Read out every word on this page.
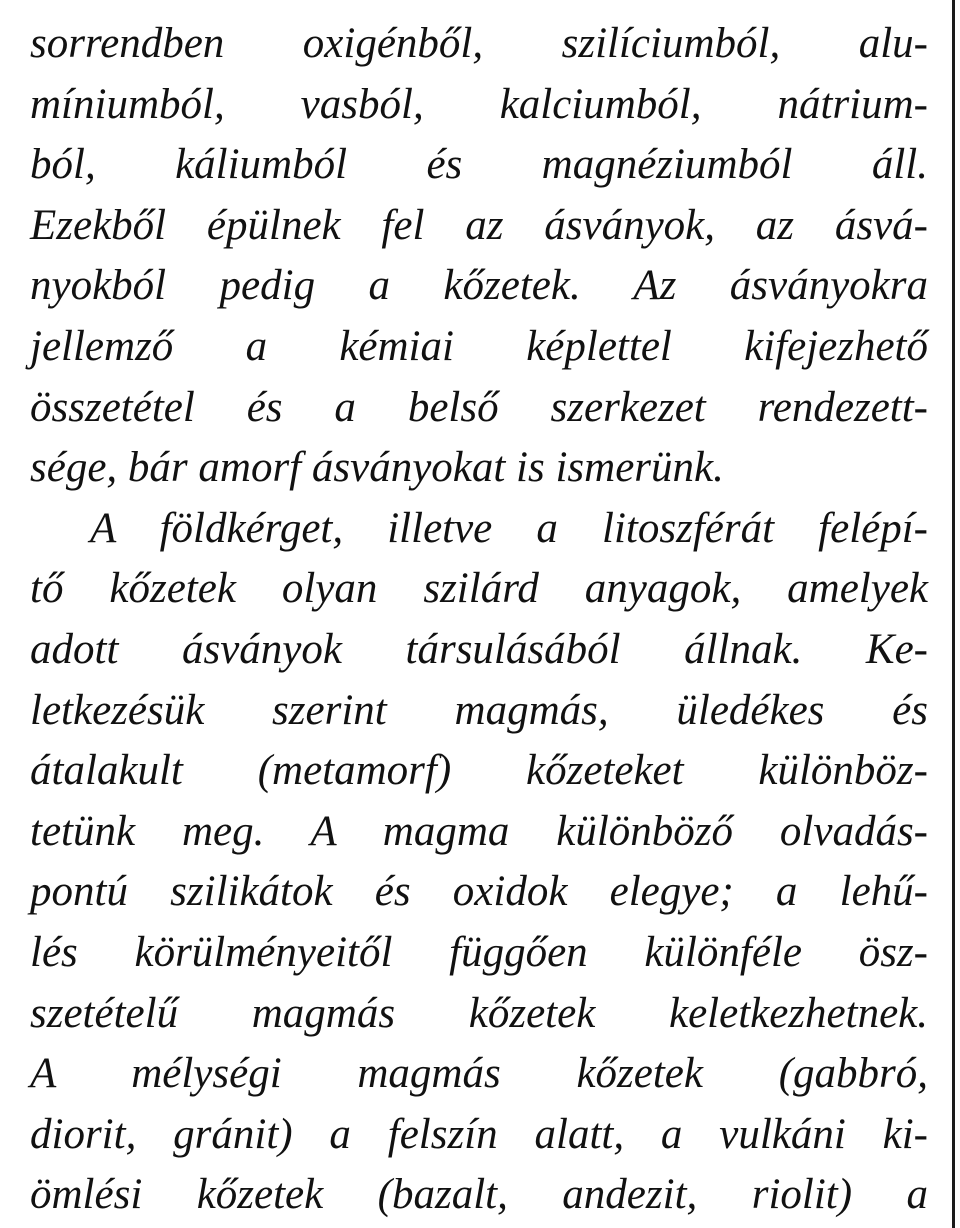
sorrendben oxigénből, szilíciumból, alu-
míniumból, vasból, kalciumból, nátrium-
ból, káliumból és magnéziumból áll.
Ezekből épülnek fel az ásványok, az ásvá-
nyokból pedig a kőzetek. Az ásványokra
jellemző a kémiai képlettel kifejezhető
összetétel és a belső szerkezet rendezett-
sége, bár amorf ásványokat is ismerünk.
A földkérget, illetve a litoszférát felépí-
tő kőzetek olyan szilárd anyagok, amelyek
adott ásványok társulásából állnak. Ke-
letkezésük szerint magmás, üledékes és
átalakult (metamorf) kőzeteket különböz-
tetünk meg. A magma különböző olvadás-
pontú szilikátok és oxidok elegye; a lehű-
lés körülményeitől függően különféle ösz-
szetételű magmás kőzetek keletkezhetnek.
A mélységi magmás kőzetek (gabbró,
diorit, gránit) a felszín alatt, a vulkáni ki-
ömlési kőzetek (bazalt, andezit, riolit) a
